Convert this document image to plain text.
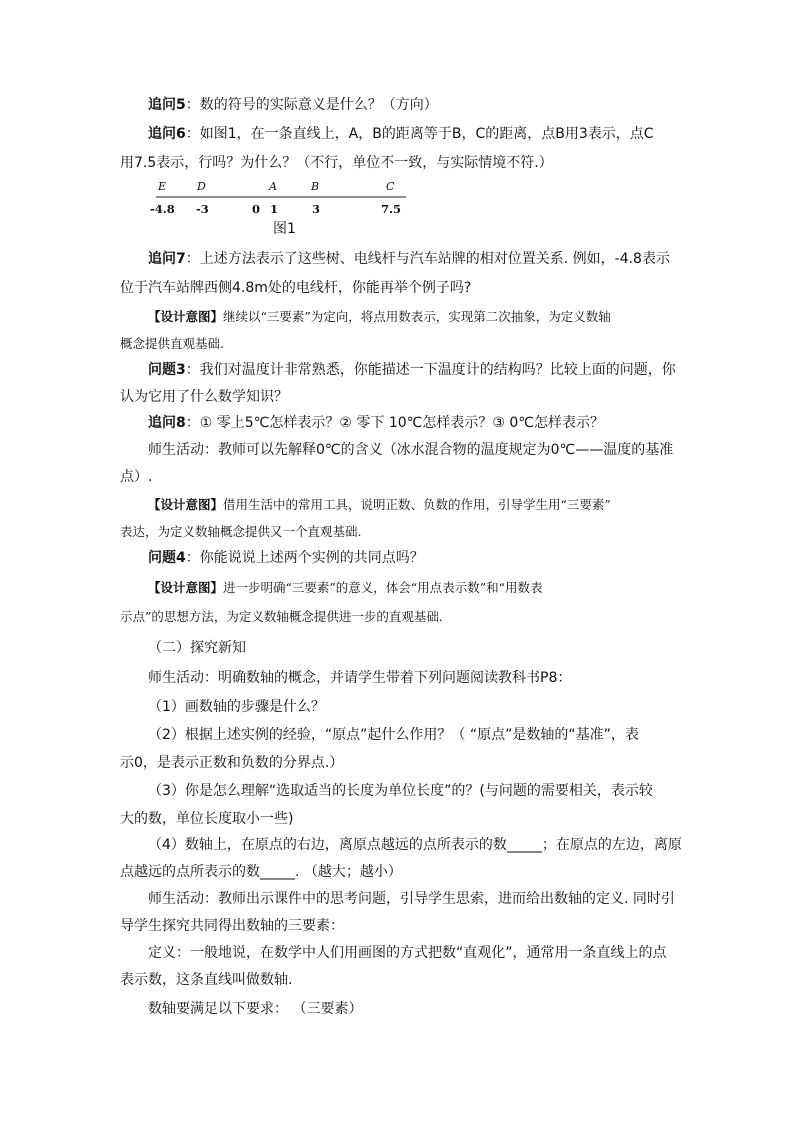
追问5：数的符号的实际意义是什么？（方向）

追问6：如图1，在一条直线上，A，B的距离等于B，C的距离，点B用3表示，点C

用7.5表示，行吗？为什么？（不行，单位不一致，与实际情境不符.）

E	D	A	B	C
-4.8 -3	0 1	3	7.5
图1

追问7：上述方法表示了这些树、电线杆与汽车站牌的相对位置关系. 例如，-4.8表示

位于汽车站牌西侧4.8m处的电线杆，你能再举个例子吗?

【设计意图】继续以“三要素”为定向，将点用数表示，实现第二次抽象，为定义数轴

概念提供直观基础.

问题3：我们对温度计非常熟悉，你能描述一下温度计的结构吗？比较上面的问题，你

认为它用了什么数学知识？

追问8：① 零上5℃怎样表示？② 零下 10℃怎样表示？③ 0℃怎样表示？

师生活动：教师可以先解释0℃的含义（冰水混合物的温度规定为0℃——温度的基准

点）.

【设计意图】借用生活中的常用工具，说明正数、负数的作用，引导学生用“三要素”

表达，为定义数轴概念提供又一个直观基础.

问题4：你能说说上述两个实例的共同点吗？

【设计意图】进一步明确“三要素”的意义，体会“用点表示数”和“用数表

示点”的思想方法，为定义数轴概念提供进一步的直观基础.

（二）探究新知

师生活动：明确数轴的概念，并请学生带着下列问题阅读教科书P8：

（1）画数轴的步骤是什么？

（2）根据上述实例的经验，“原点”起什么作用？（ “原点”是数轴的“基准”，表

示0，是表示正数和负数的分界点.）

（3）你是怎么理解“选取适当的长度为单位长度”的？(与问题的需要相关，表示较

大的数，单位长度取小一些)

（4）数轴上，在原点的右边，离原点越远的点所表示的数_____；在原点的左边，离原

点越远的点所表示的数_____. （越大；越小）

师生活动：教师出示课件中的思考问题，引导学生思索，进而给出数轴的定义. 同时引

导学生探究共同得出数轴的三要素：

定义：一般地说，在数学中人们用画图的方式把数“直观化”，通常用一条直线上的点

表示数，这条直线叫做数轴.

数轴要满足以下要求： （三要素）
